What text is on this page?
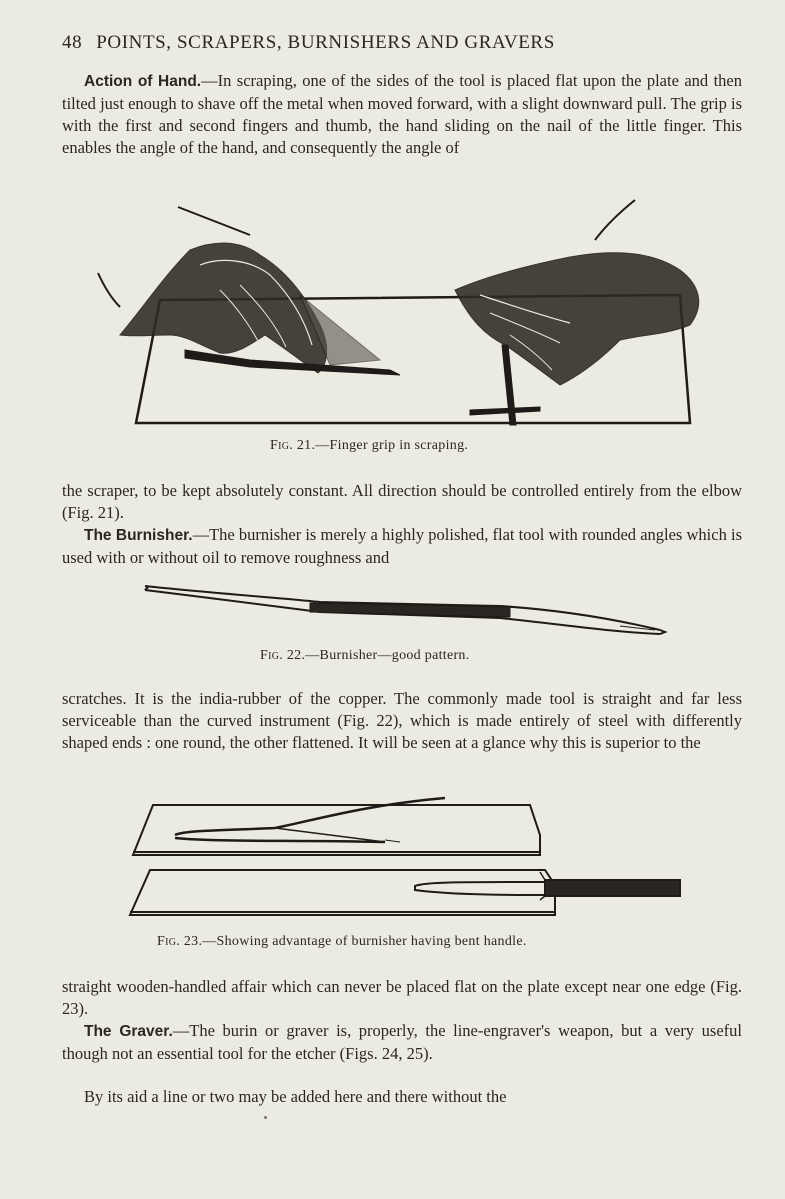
48 POINTS, SCRAPERS, BURNISHERS AND GRAVERS
Action of Hand.—In scraping, one of the sides of the tool is placed flat upon the plate and then tilted just enough to shave off the metal when moved forward, with a slight downward pull. The grip is with the first and second fingers and thumb, the hand sliding on the nail of the little finger. This enables the angle of the hand, and consequently the angle of
Fig. 21.—Finger grip in scraping.
the scraper, to be kept absolutely constant. All direction should be controlled entirely from the elbow (Fig. 21).
The Burnisher.—The burnisher is merely a highly polished, flat tool with rounded angles which is used with or without oil to remove roughness and
Fig. 22.—Burnisher—good pattern.
scratches. It is the india-rubber of the copper. The commonly made tool is straight and far less serviceable than the curved instrument (Fig. 22), which is made entirely of steel with differently shaped ends : one round, the other flattened. It will be seen at a glance why this is superior to the
Fig. 23.—Showing advantage of burnisher having bent handle.
straight wooden-handled affair which can never be placed flat on the plate except near one edge (Fig. 23).
The Graver.—The burin or graver is, properly, the line-engraver's weapon, but a very useful though not an essential tool for the etcher (Figs. 24, 25).
By its aid a line or two may be added here and there without the
